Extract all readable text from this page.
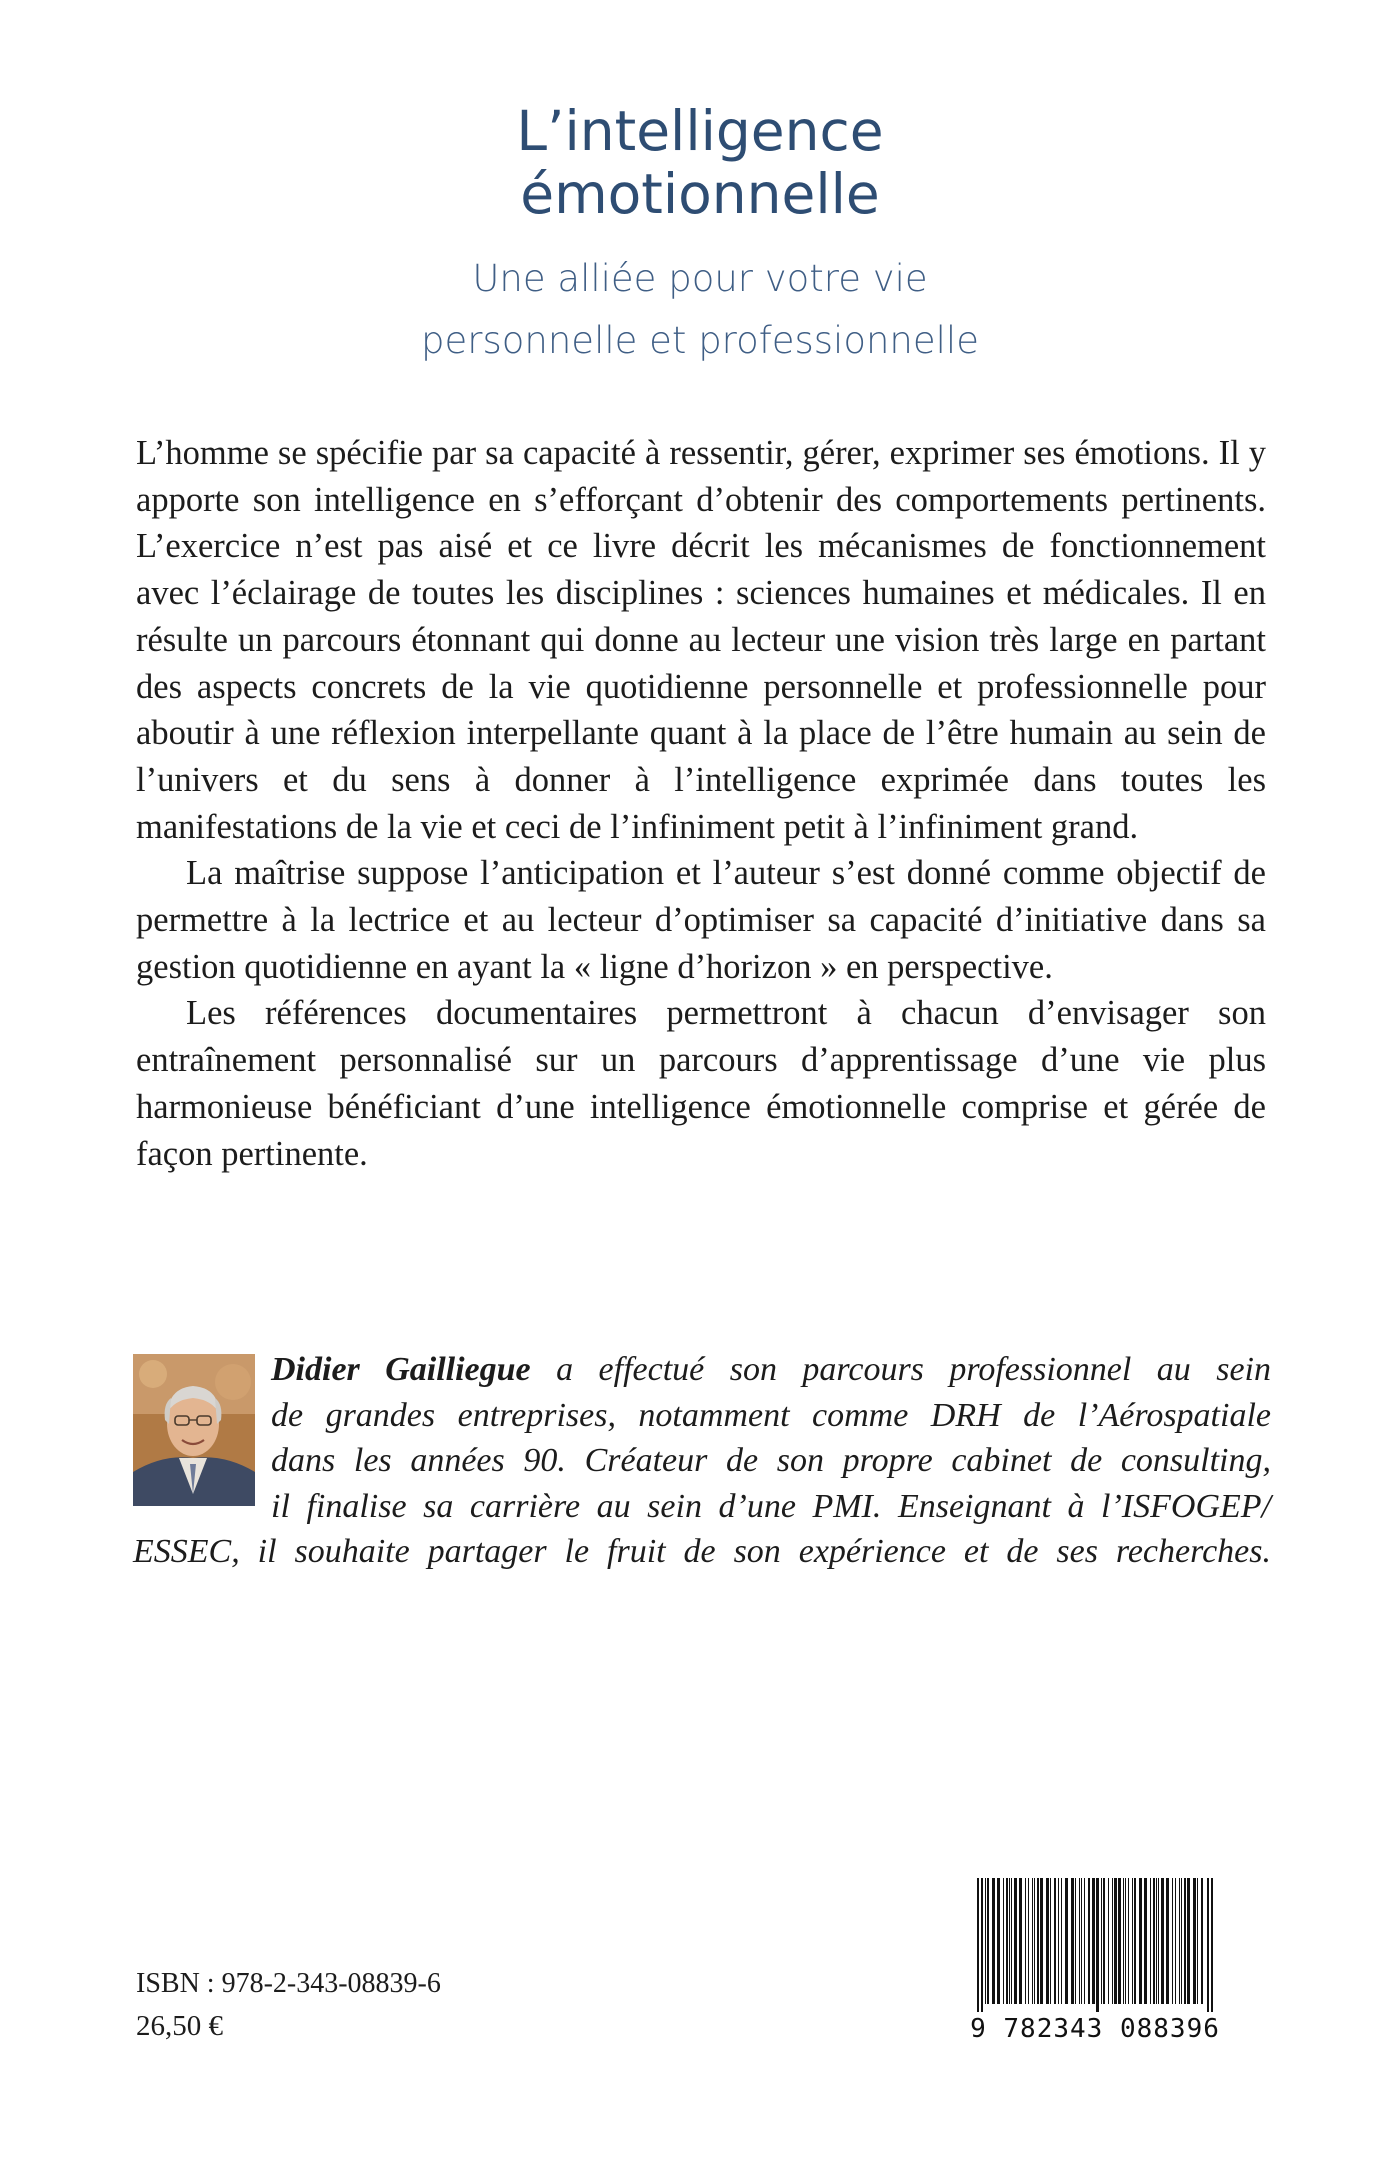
L’intelligence
émotionnelle
Une alliée pour votre vie
personnelle et professionnelle

L’homme se spécifie par sa capacité à ressentir, gérer, exprimer ses émotions. Il y apporte son intelligence en s’efforçant d’obtenir des comportements pertinents. L’exercice n’est pas aisé et ce livre décrit les mécanismes de fonctionnement avec l’éclairage de toutes les disciplines : sciences humaines et médicales. Il en résulte un parcours étonnant qui donne au lecteur une vision très large en partant des aspects concrets de la vie quotidienne personnelle et professionnelle pour aboutir à une réflexion interpellante quant à la place de l’être humain au sein de l’univers et du sens à donner à l’intelligence exprimée dans toutes les manifestations de la vie et ceci de l’infiniment petit à l’infiniment grand.

La maîtrise suppose l’anticipation et l’auteur s’est donné comme objectif de permettre à la lectrice et au lecteur d’optimiser sa capacité d’initiative dans sa gestion quotidienne en ayant la « ligne d’horizon » en perspective.

Les références documentaires permettront à chacun d’envisager son entraînement personnalisé sur un parcours d’apprentissage d’une vie plus harmonieuse bénéficiant d’une intelligence émotionnelle comprise et gérée de façon pertinente.

Didier Gailliegue a effectué son parcours professionnel au sein
de grandes entreprises, notamment comme DRH de l’Aérospatiale
dans les années 90. Créateur de son propre cabinet de consulting,
il finalise sa carrière au sein d’une PMI. Enseignant à l’ISFOGEP/
ESSEC, il souhaite partager le fruit de son expérience et de ses recherches.
ISBN : 978-2-343-08839-6
26,50 €	9 782343 088396
